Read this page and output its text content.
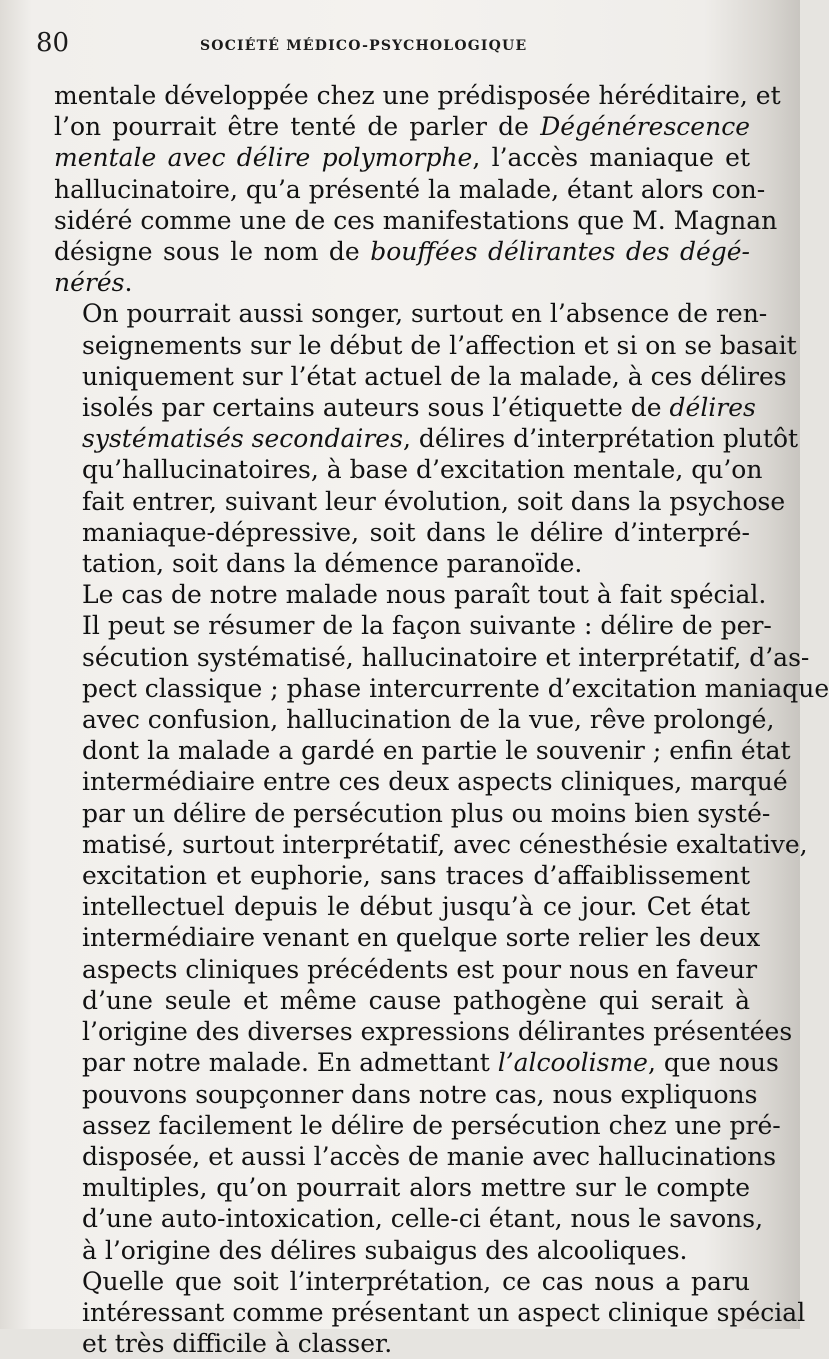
80	SOCIÉTÉ MÉDICO-PSYCHOLOGIQUE
mentale développée chez une prédisposée héréditaire, et
l’on pourrait être tenté de parler de Dégénérescence
mentale avec délire polymorphe, l’accès maniaque et
hallucinatoire, qu’a présenté la malade, étant alors con-
sidéré comme une de ces manifestations que M. Magnan
désigne sous le nom de bouffées délirantes des dégé-
nérés.
On pourrait aussi songer, surtout en l’absence de ren-
seignements sur le début de l’affection et si on se basait
uniquement sur l’état actuel de la malade, à ces délires
isolés par certains auteurs sous l’étiquette de délires
systématisés secondaires, délires d’interprétation plutôt
qu’hallucinatoires, à base d’excitation mentale, qu’on
fait entrer, suivant leur évolution, soit dans la psychose
maniaque-dépressive, soit dans le délire d’interpré-
tation, soit dans la démence paranoïde.
Le cas de notre malade nous paraît tout à fait spécial.
Il peut se résumer de la façon suivante : délire de per-
sécution systématisé, hallucinatoire et interprétatif, d’as-
pect classique ; phase intercurrente d’excitation maniaque
avec confusion, hallucination de la vue, rêve prolongé,
dont la malade a gardé en partie le souvenir ; enfin état
intermédiaire entre ces deux aspects cliniques, marqué
par un délire de persécution plus ou moins bien systé-
matisé, surtout interprétatif, avec cénesthésie exaltative,
excitation et euphorie, sans traces d’affaiblissement
intellectuel depuis le début jusqu’à ce jour. Cet état
intermédiaire venant en quelque sorte relier les deux
aspects cliniques précédents est pour nous en faveur
d’une seule et même cause pathogène qui serait à
l’origine des diverses expressions délirantes présentées
par notre malade. En admettant l’alcoolisme, que nous
pouvons soupçonner dans notre cas, nous expliquons
assez facilement le délire de persécution chez une pré-
disposée, et aussi l’accès de manie avec hallucinations
multiples, qu’on pourrait alors mettre sur le compte
d’une auto-intoxication, celle-ci étant, nous le savons,
à l’origine des délires subaigus des alcooliques.
Quelle que soit l’interprétation, ce cas nous a paru
intéressant comme présentant un aspect clinique spécial
et très difficile à classer.
